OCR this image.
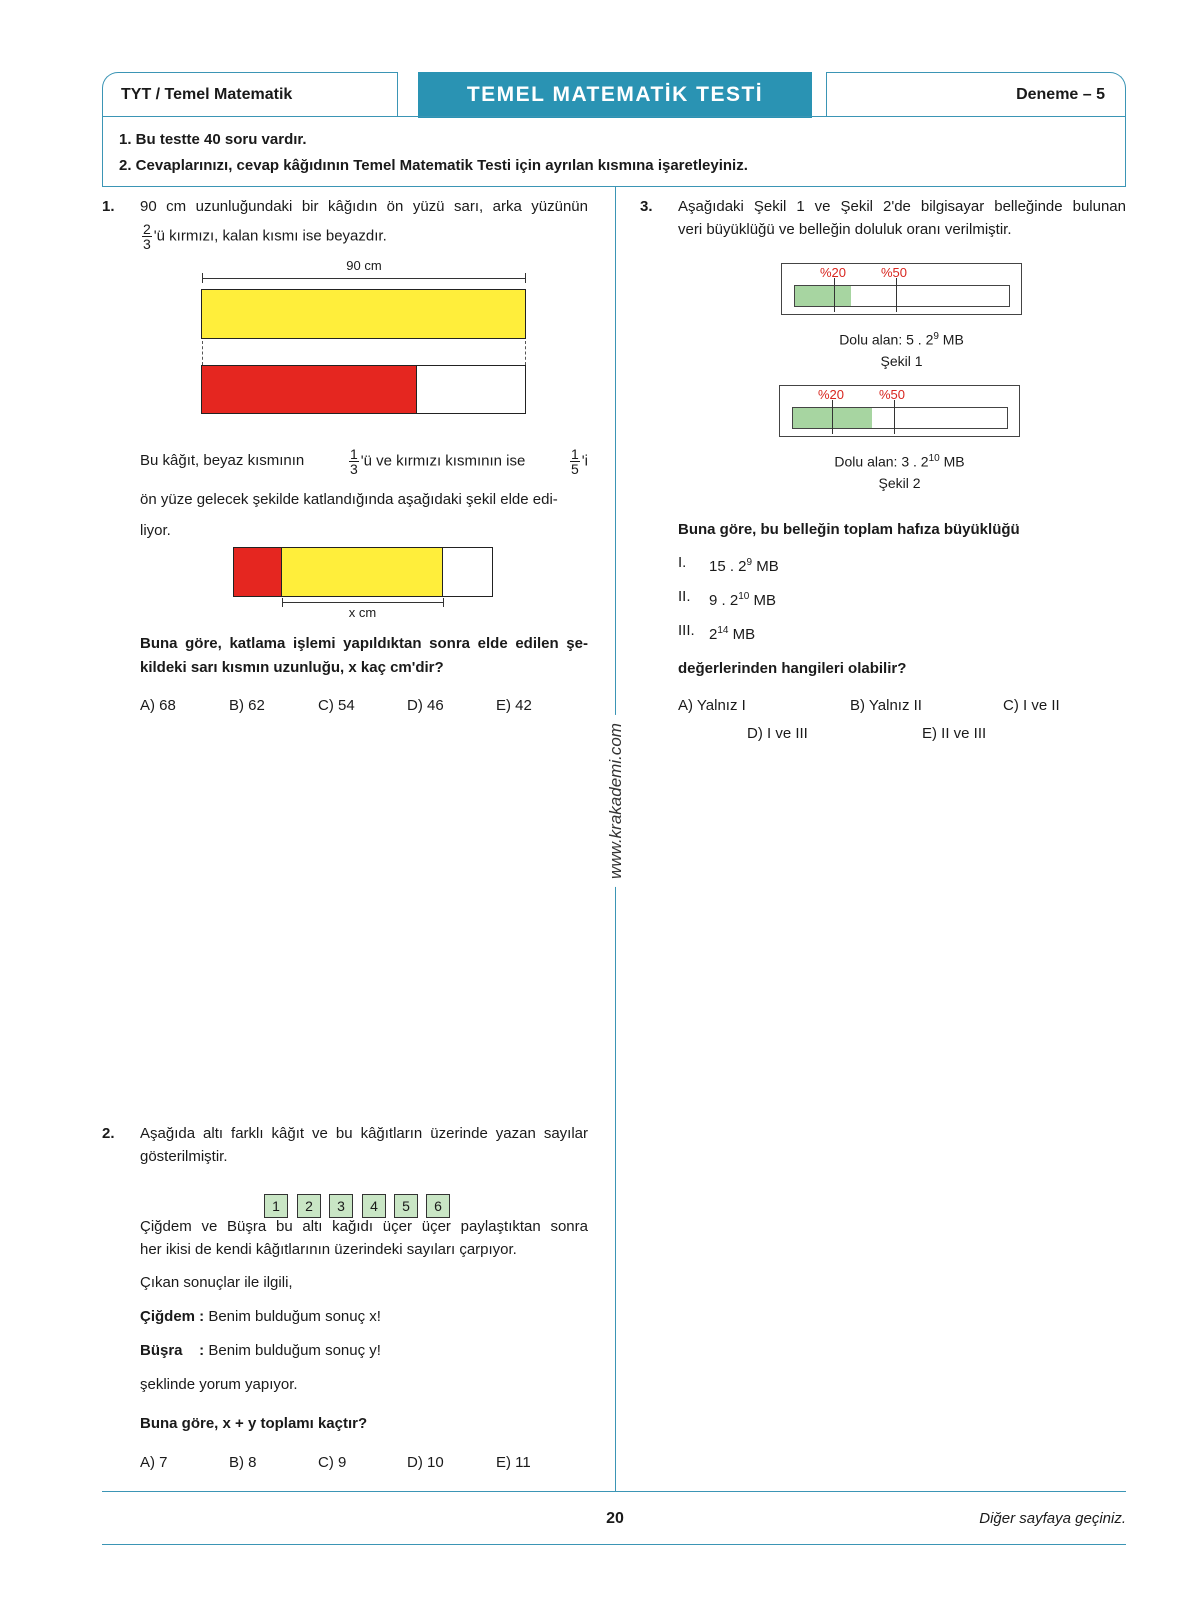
TYT / Temel Matematik	TEMEL MATEMATİK TESTİ	Deneme – 5
1. Bu testte 40 soru vardır.
2. Cevaplarınızı, cevap kâğıdının Temel Matematik Testi için ayrılan kısmına işaretleyiniz.
www.krakademi.com
1. 90 cm uzunluğundaki bir kâğıdın ön yüzü sarı, arka yüzünün
$\frac{2}{3}$ 'ü kırmızı, kalan kısmı ise beyazdır.
90 cm
Bu kâğıt, beyaz kısmının	$\frac{1}{3}$ 'ü ve kırmızı kısmının ise	$\frac{1}{5}$ 'i
ön yüze gelecek şekilde katlandığında aşağıdaki şekil elde edi-
liyor.
x cm
Buna göre, katlama işlemi yapıldıktan sonra elde edilen şe-
kildeki sarı kısmın uzunluğu, x kaç cm'dir?
A) 68	B) 62	C) 54	D) 46	E) 42
2. Aşağıda altı farklı kâğıt ve bu kâğıtların üzerinde yazan sayılar
gösterilmiştir.
1	2	3	4	5	6
Çiğdem ve Büşra bu altı kağıdı üçer üçer paylaştıktan sonra
her ikisi de kendi kâğıtlarının üzerindeki sayıları çarpıyor.
Çıkan sonuçlar ile ilgili,
Çiğdem : Benim bulduğum sonuç x!
Büşra    : Benim bulduğum sonuç y!
şeklinde yorum yapıyor.
Buna göre, x + y toplamı kaçtır?
A) 7	B) 8	C) 9	D) 10	E) 11
3. Aşağıdaki Şekil 1 ve Şekil 2'de bilgisayar belleğinde bulunan
veri büyüklüğü ve belleğin doluluk oranı verilmiştir.
%20	%50
Dolu alan: 5 . $2^9$ MB
Şekil 1
%20	%50
Dolu alan: 3 . $2^{10}$ MB
Şekil 2
Buna göre, bu belleğin toplam hafıza büyüklüğü
I. 15 . $2^9$ MB
II. 9 . $2^{10}$ MB
III. $2^{14}$ MB
değerlerinden hangileri olabilir?
A) Yalnız I	B) Yalnız II	C) I ve II
D) I ve III	E) II ve III
20	Diğer sayfaya geçiniz.
